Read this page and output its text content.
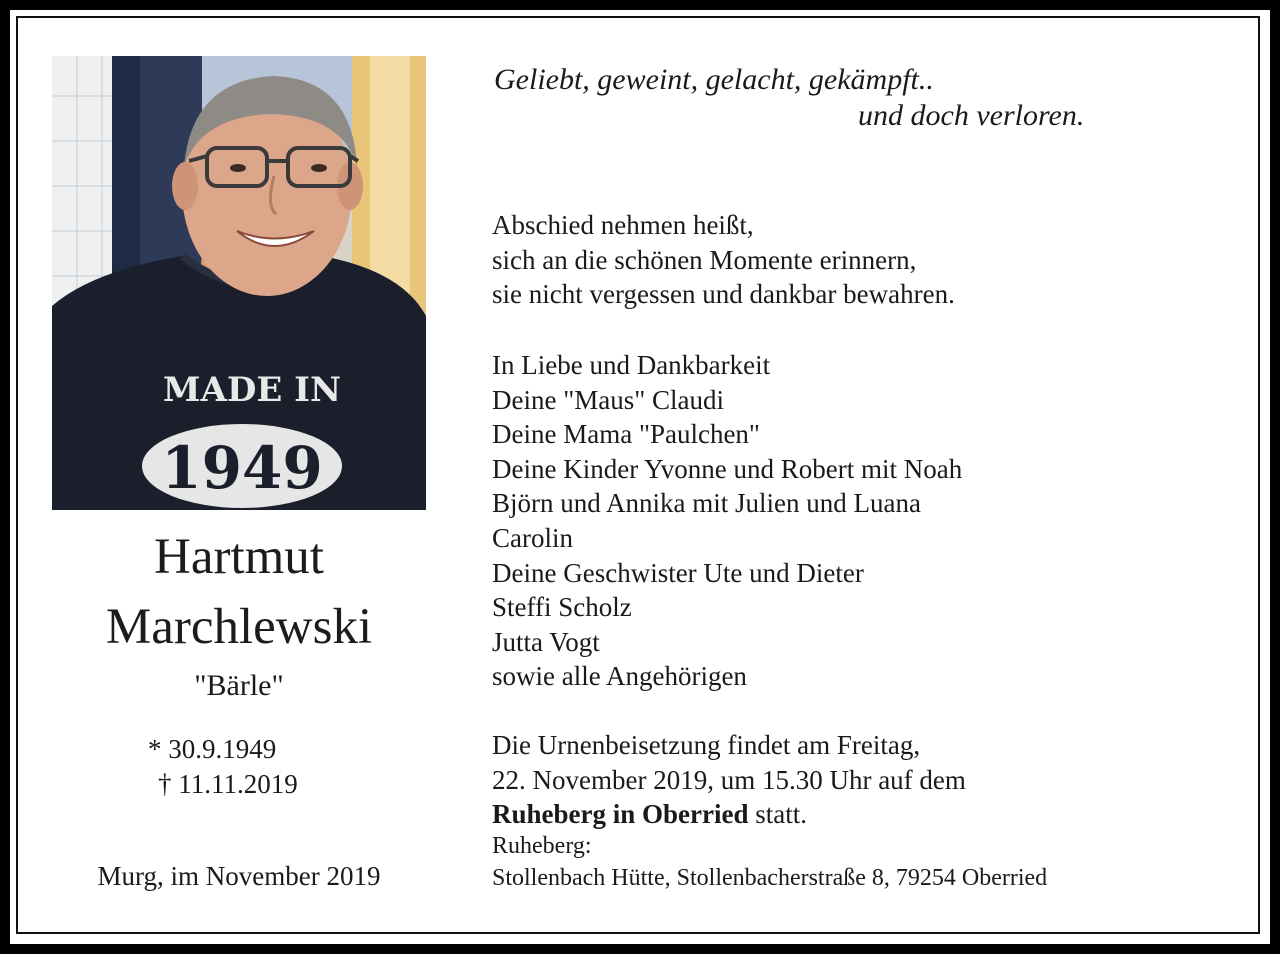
MADE IN
1949
Hartmut
Marchlewski
"Bärle"
* 30.9.1949
† 11.11.2019
Murg, im November 2019
Geliebt, geweint, gelacht, gekämpft..
und doch verloren.
Abschied nehmen heißt,
sich an die schönen Momente erinnern,
sie nicht vergessen und dankbar bewahren.
In Liebe und Dankbarkeit
Deine "Maus" Claudi
Deine Mama "Paulchen"
Deine Kinder Yvonne und Robert mit Noah
Björn und Annika mit Julien und Luana
Carolin
Deine Geschwister Ute und Dieter
Steffi Scholz
Jutta Vogt
sowie alle Angehörigen
Die Urnenbeisetzung findet am Freitag,
22. November 2019, um 15.30 Uhr auf dem
Ruheberg in Oberried statt.
Ruheberg:
Stollenbach Hütte, Stollenbacherstraße 8, 79254 Oberried
